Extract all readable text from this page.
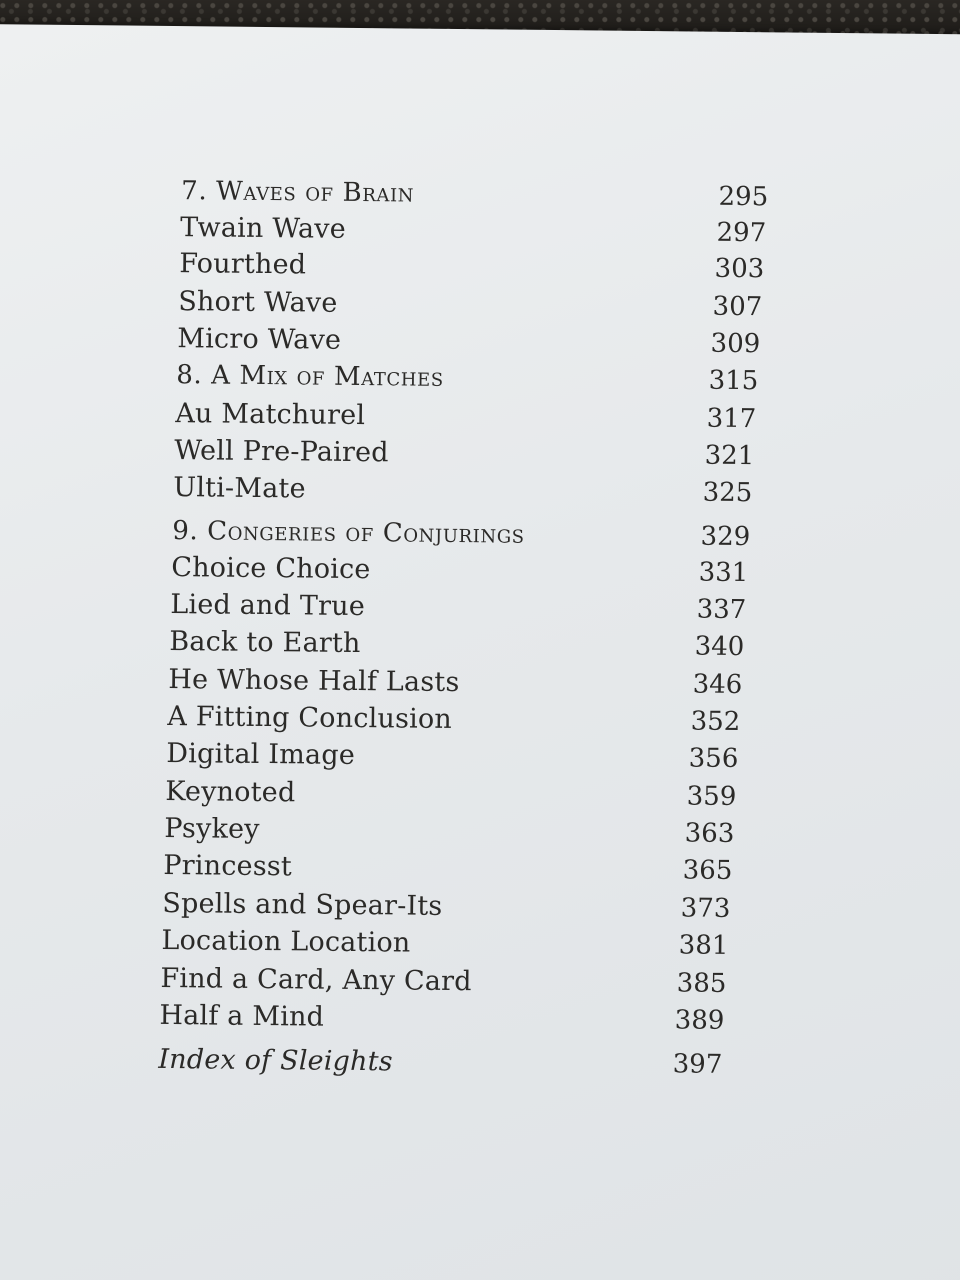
7. Waves of Brain	295
Twain Wave	297
Fourthed	303
Short Wave	307
Micro Wave	309
8. A Mix of Matches	315
Au Matchurel	317
Well Pre-Paired	321
Ulti-Mate	325
9. Congeries of Conjurings	329
Choice Choice	331
Lied and True	337
Back to Earth	340
He Whose Half Lasts	346
A Fitting Conclusion	352
Digital Image	356
Keynoted	359
Psykey	363
Princesst	365
Spells and Spear-Its	373
Location Location	381
Find a Card, Any Card	385
Half a Mind	389
Index of Sleights	397
